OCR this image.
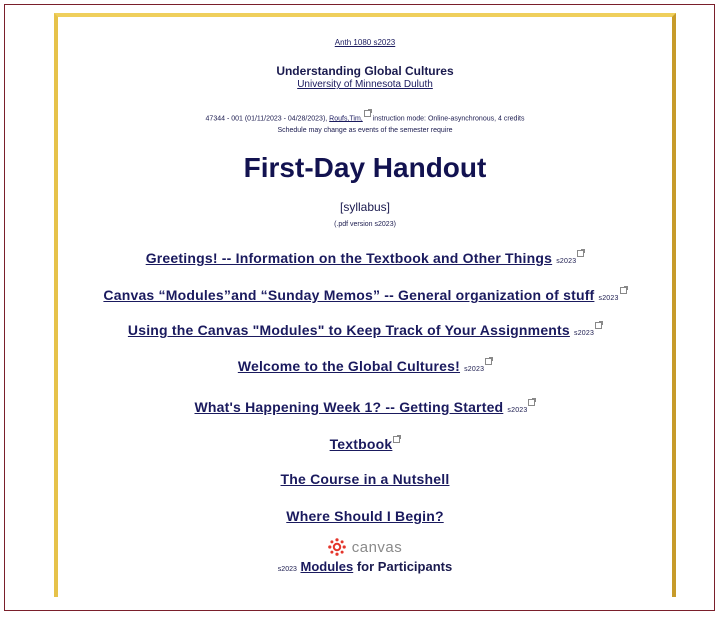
Anth 1080 s2023
Understanding Global Cultures
University of Minnesota Duluth
47344 - 001 (01/11/2023 - 04/28/2023), Roufs,Tim, instruction mode: Online-asynchronous, 4 credits
Schedule may change as events of the semester require
First-Day Handout
[syllabus]
(.pdf version s2023)
Greetings! -- Information on the Textbook and Other Things s2023
Canvas “Modules”and “Sunday Memos” -- General organization of stuff s2023
Using the Canvas "Modules" to Keep Track of Your Assignments s2023
Welcome to the Global Cultures! s2023
What's Happening Week 1? -- Getting Started s2023
Textbook
The Course in a Nutshell
Where Should I Begin?
canvas
s2023 Modules for Participants
